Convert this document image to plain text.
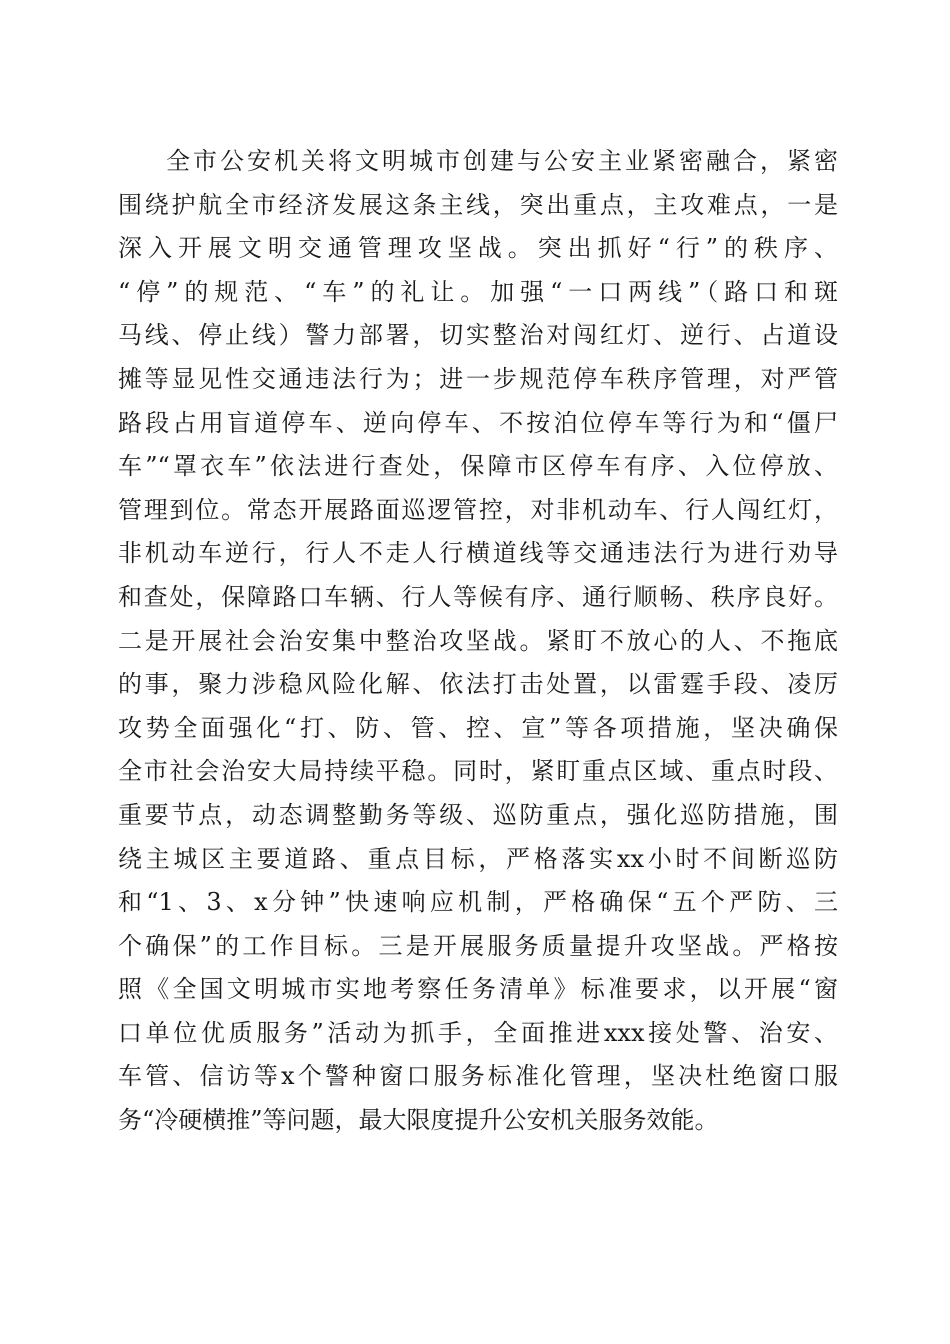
全市公安机关将文明城市创建与公安主业紧密融合，紧密
围绕护航全市经济发展这条主线，突出重点，主攻难点，一是
深入开展文明交通管理攻坚战。突出抓好“行”的秩序、
“停”的规范、“车”的礼让。加强“一口两线”（路口和斑
马线、停止线）警力部署，切实整治对闯红灯、逆行、占道设
摊等显见性交通违法行为；进一步规范停车秩序管理，对严管
路段占用盲道停车、逆向停车、不按泊位停车等行为和“僵尸
车”“罩衣车”依法进行查处，保障市区停车有序、入位停放、
管理到位。常态开展路面巡逻管控，对非机动车、行人闯红灯，
非机动车逆行，行人不走人行横道线等交通违法行为进行劝导
和查处，保障路口车辆、行人等候有序、通行顺畅、秩序良好。
二是开展社会治安集中整治攻坚战。紧盯不放心的人、不拖底
的事，聚力涉稳风险化解、依法打击处置，以雷霆手段、凌厉
攻势全面强化“打、防、管、控、宣”等各项措施，坚决确保
全市社会治安大局持续平稳。同时，紧盯重点区域、重点时段、
重要节点，动态调整勤务等级、巡防重点，强化巡防措施，围
绕主城区主要道路、重点目标，严格落实xx小时不间断巡防
和“1、3、x分钟”快速响应机制，严格确保“五个严防、三
个确保”的工作目标。三是开展服务质量提升攻坚战。严格按
照《全国文明城市实地考察任务清单》标准要求，以开展“窗
口单位优质服务”活动为抓手，全面推进xxx接处警、治安、
车管、信访等x个警种窗口服务标准化管理，坚决杜绝窗口服
务“冷硬横推”等问题，最大限度提升公安机关服务效能。
